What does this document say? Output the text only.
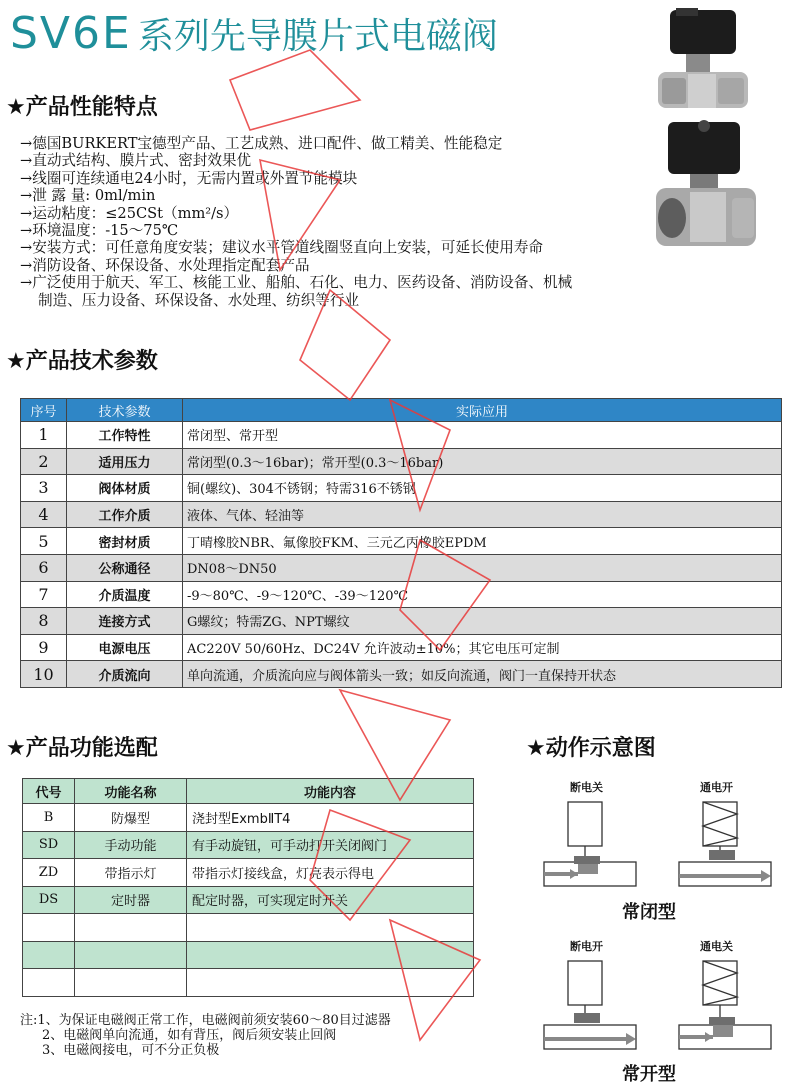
SV6E 系列先导膜片式电磁阀
★产品性能特点
→德国BURKERT宝德型产品、工艺成熟、进口配件、做工精美、性能稳定
→直动式结构、膜片式、密封效果优
→线圈可连续通电24小时，无需内置或外置节能模块
→泄 露 量: 0ml/min
→运动粘度：≤25CSt（mm²/s）
→环境温度：-15～75℃
→安装方式：可任意角度安装；建议水平管道线圈竖直向上安装，可延长使用寿命
→消防设备、环保设备、水处理指定配套产品
→广泛使用于航天、军工、核能工业、船舶、石化、电力、医药设备、消防设备、机械
制造、压力设备、环保设备、水处理、纺织等行业
★产品技术参数
序号	技术参数	实际应用
1	工作特性	常闭型、常开型
2	适用压力	常闭型(0.3～16bar)；常开型(0.3～16bar)
3	阀体材质	铜(螺纹)、304不锈钢；特需316不锈钢
4	工作介质	液体、气体、轻油等
5	密封材质	丁晴橡胶NBR、氟像胶FKM、三元乙丙橡胶EPDM
6	公称通径	DN08～DN50
7	介质温度	-9～80℃、-9～120℃、-39～120℃
8	连接方式	G螺纹；特需ZG、NPT螺纹
9	电源电压	AC220V 50/60Hz、DC24V 允许波动±10%；其它电压可定制
10	介质流向	单向流通，介质流向应与阀体箭头一致；如反向流通，阀门一直保持开状态
★产品功能选配
代号	功能名称	功能内容
B	防爆型	浇封型ExmbⅡT4
SD	手动功能	有手动旋钮，可手动打开关闭阀门
ZD	带指示灯	带指示灯接线盒，灯亮表示得电
DS	定时器	配定时器，可实现定时开关

注:1、为保证电磁阀正常工作，电磁阀前须安装60～80目过滤器
2、电磁阀单向流通，如有背压，阀后须安装止回阀
3、电磁阀接电，可不分正负极
★动作示意图
断电关	通电开
常闭型
断电开	通电关
常开型
